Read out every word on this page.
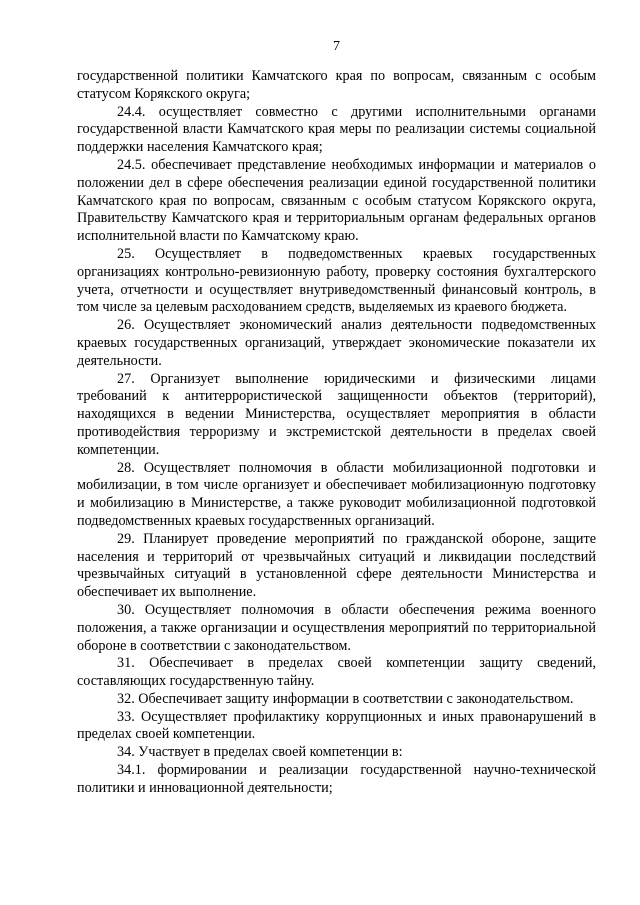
7

государственной политики Камчатского края по вопросам, связанным с особым статусом Корякского округа;

24.4. осуществляет совместно с другими исполнительными органами государственной власти Камчатского края меры по реализации системы социальной поддержки населения Камчатского края;

24.5. обеспечивает представление необходимых информации и материалов о положении дел в сфере обеспечения реализации единой государственной политики Камчатского края по вопросам, связанным с особым статусом Корякского округа, Правительству Камчатского края и территориальным органам федеральных органов исполнительной власти по Камчатскому краю.

25. Осуществляет в подведомственных краевых государственных организациях контрольно-ревизионную работу, проверку состояния бухгалтерского учета, отчетности и осуществляет внутриведомственный финансовый контроль, в том числе за целевым расходованием средств, выделяемых из краевого бюджета.

26. Осуществляет экономический анализ деятельности подведомственных краевых государственных организаций, утверждает экономические показатели их деятельности.

27. Организует выполнение юридическими и физическими лицами требований к антитеррористической защищенности объектов (территорий), находящихся в ведении Министерства, осуществляет мероприятия в области противодействия терроризму и экстремистской деятельности в пределах своей компетенции.

28. Осуществляет полномочия в области мобилизационной подготовки и мобилизации, в том числе организует и обеспечивает мобилизационную подготовку и мобилизацию в Министерстве, а также руководит мобилизационной подготовкой подведомственных краевых государственных организаций.

29. Планирует проведение мероприятий по гражданской обороне, защите населения и территорий от чрезвычайных ситуаций и ликвидации последствий чрезвычайных ситуаций в установленной сфере деятельности Министерства и обеспечивает их выполнение.

30. Осуществляет полномочия в области обеспечения режима военного положения, а также организации и осуществления мероприятий по территориальной обороне в соответствии с законодательством.

31. Обеспечивает в пределах своей компетенции защиту сведений, составляющих государственную тайну.

32. Обеспечивает защиту информации в соответствии с законодательством.

33. Осуществляет профилактику коррупционных и иных правонарушений в пределах своей компетенции.

34. Участвует в пределах своей компетенции в:

34.1. формировании и реализации государственной научно-технической политики и инновационной деятельности;
